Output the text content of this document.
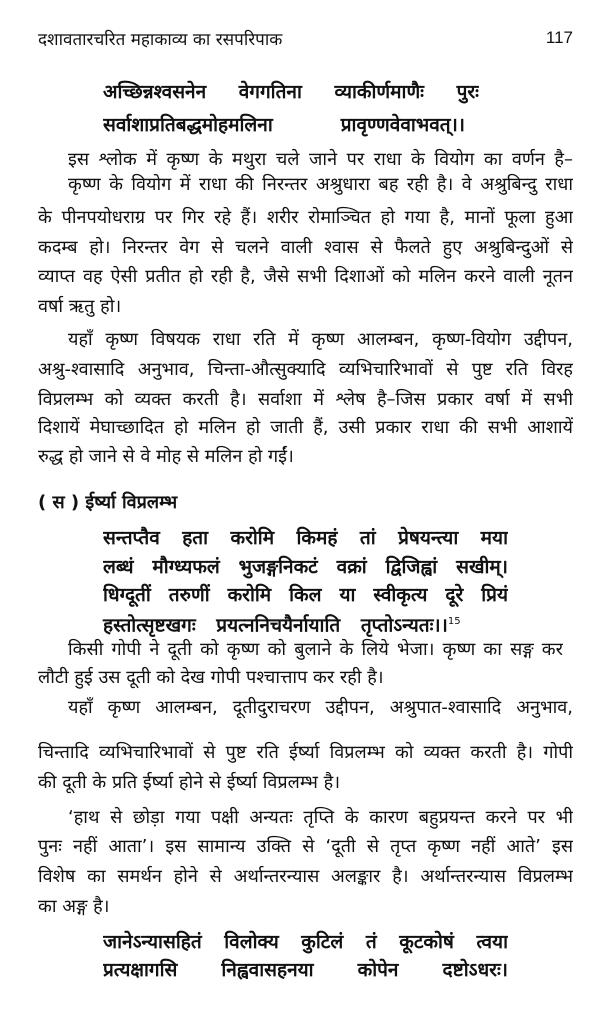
दशावतारचरित महाकाव्य का रसपरिपाक	117
अच्छिन्नश्वसनेन वेगगतिना व्याकीर्णमाणैः पुरः
सर्वाशाप्रतिबद्धमोहमलिना प्रावृण्णवेवाभवत्।।
इस श्लोक में कृष्ण के मथुरा चले जाने पर राधा के वियोग का वर्णन है–
कृष्ण के वियोग में राधा की निरन्तर अश्रुधारा बह रही है। वे अश्रुबिन्दु राधा
के पीनपयोधराग्र पर गिर रहे हैं। शरीर रोमाञ्चित हो गया है, मानों फूला हुआ
कदम्ब हो। निरन्तर वेग से चलने वाली श्वास से फैलते हुए अश्रुबिन्दुओं से
व्याप्त वह ऐसी प्रतीत हो रही है, जैसे सभी दिशाओं को मलिन करने वाली नूतन
वर्षा ऋतु हो।
यहाँ कृष्ण विषयक राधा रति में कृष्ण आलम्बन, कृष्ण-वियोग उद्दीपन,
अश्रु-श्वासादि अनुभाव, चिन्ता-औत्सुक्यादि व्यभिचारिभावों से पुष्ट रति विरह
विप्रलम्भ को व्यक्त करती है। सर्वाशा में श्लेष है–जिस प्रकार वर्षा में सभी
दिशायें मेघाच्छादित हो मलिन हो जाती हैं, उसी प्रकार राधा की सभी आशायें
रुद्ध हो जाने से वे मोह से मलिन हो गईं।
( स ) ईर्ष्या विप्रलम्भ
सन्तप्तैव हता करोमि किमहं तां प्रेषयन्त्या मया
लब्धं मौग्ध्यफलं भुजङ्गनिकटं वक्रां द्विजिह्वां सखीम्।
धिग्दूतीं तरुणीं करोमि किल या स्वीकृत्य दूरे प्रियं
हस्तोत्सृष्टखगः प्रयत्ननिचयैर्नायाति तृप्तोऽन्यतः।।$^{15}$
किसी गोपी ने दूती को कृष्ण को बुलाने के लिये भेजा। कृष्ण का सङ्ग कर
लौटी हुई उस दूती को देख गोपी पश्चात्ताप कर रही है।
यहाँ कृष्ण आलम्बन, दूतीदुराचरण उद्दीपन, अश्रुपात-श्वासादि अनुभाव,
चिन्तादि व्यभिचारिभावों से पुष्ट रति ईर्ष्या विप्रलम्भ को व्यक्त करती है। गोपी
की दूती के प्रति ईर्ष्या होने से ईर्ष्या विप्रलम्भ है।
‘हाथ से छोड़ा गया पक्षी अन्यतः तृप्ति के कारण बहुप्रयन्त करने पर भी
पुनः नहीं आता’। इस सामान्य उक्ति से ‘दूती से तृप्त कृष्ण नहीं आते’ इस
विशेष का समर्थन होने से अर्थान्तरन्यास अलङ्कार है। अर्थान्तरन्यास विप्रलम्भ
का अङ्ग है।
जानेऽन्यासहितं विलोक्य कुटिलं तं कूटकोषं त्वया
प्रत्यक्षागसि निह्ववासहनया कोपेन दष्टोऽधरः।
